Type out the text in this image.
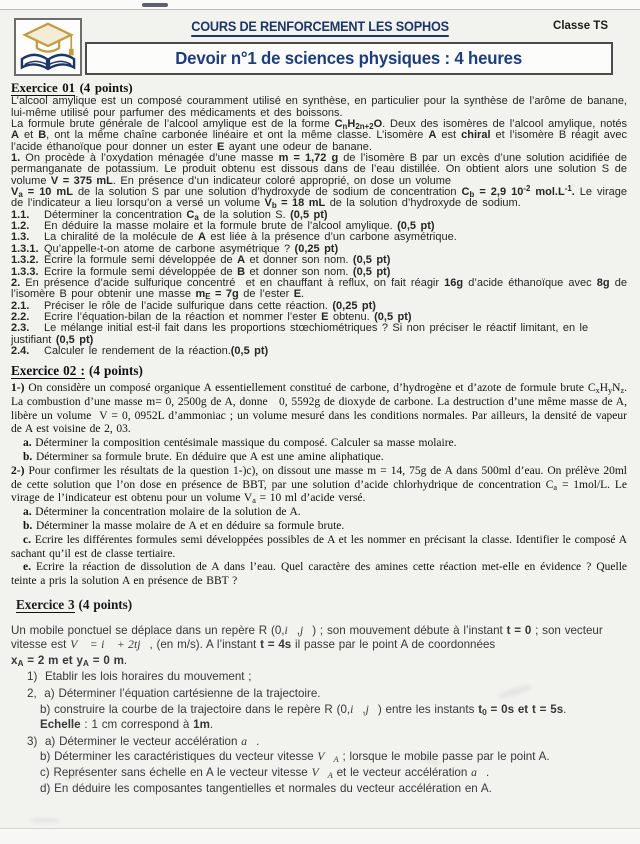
COURS DE RENFORCEMENT LES SOPHOS	Classe TS
Devoir n°1 de sciences physiques : 4 heures
Exercice 01 (4 points)

L’alcool amylique est un composé couramment utilisé en synthèse, en particulier pour la synthèse de l’arôme de banane, lui-même utilisé pour parfumer des médicaments et des boissons.

La formule brute générale de l’alcool amylique est de la forme $C_nH_{2n+2}O$. Deux des isomères de l’alcool amylique, notés A et B, ont la même chaîne carbonée linéaire et ont la même classe. L’isomère A est chiral et l’isomère B réagit avec l’acide éthanoïque pour donner un ester E ayant une odeur de banane.

1. On procède à l’oxydation ménagée d’une masse m = 1,72 g de l’isomère B par un excès d’une solution acidifiée de permanganate de potassium. Le produit obtenu est dissous dans de l’eau distillée. On obtient alors une solution S de volume V = 375 mL. En présence d’un indicateur coloré approprié, on dose un volume

$V_a = 10$ mL de la solution S par une solution d’hydroxyde de sodium de concentration $C_b = 2,9$ $10^{-2}$ $mol.L^{-1}$. Le virage de l’indicateur a lieu lorsqu’on a versé un volume $V_b = 18$ mL de la solution d’hydroxyde de sodium.

1.1. Déterminer la concentration $C_a$ de la solution S. (0,5 pt)

1.2. En déduire la masse molaire et la formule brute de l’alcool amylique. (0,5 pt)

1.3. La chiralité de la molécule de A est liée à la présence d’un carbone asymétrique.

1.3.1. Qu’appelle-t-on atome de carbone asymétrique ? (0,25 pt)

1.3.2. Ecrire la formule semi développée de A et donner son nom. (0,5 pt)

1.3.3. Ecrire la formule semi développée de B et donner son nom. (0,5 pt)

2. En présence d’acide sulfurique concentré  et en chauffant à reflux, on fait réagir 16g d’acide éthanoïque avec 8g de l’isomère B pour obtenir une masse $m_E = 7g$ de l’ester E.

2.1. Préciser le rôle de l’acide sulfurique dans cette réaction. (0,25 pt)

2.2. Ecrire l’équation-bilan de la réaction et nommer l’ester E obtenu. (0,5 pt)

2.3. Le mélange initial est-il fait dans les proportions stœchiométriques ? Si non préciser le réactif limitant, en le justifiant (0,5 pt)

2.4. Calculer le rendement de la réaction.(0,5 pt)

Exercice 02 : (4 points)

1-) On considère un composé organique A essentiellement constitué de carbone, d’hydrogène et d’azote de formule brute $C_xH_yN_z$. La combustion d’une masse m= 0, 2500g de A, donne   0, 5592g de dioxyde de carbone. La destruction d’une même masse de A, libère un volume  V = 0, 0952L d’ammoniac ; un volume mesuré dans les conditions normales. Par ailleurs, la densité de vapeur de A est voisine de 2, 03.

a. Déterminer la composition centésimale massique du composé. Calculer sa masse molaire.

b. Déterminer sa formule brute. En déduire que A est une amine aliphatique.

2-) Pour confirmer les résultats de la question 1-)c), on dissout une masse m = 14, 75g de A dans 500ml d’eau. On prélève 20ml de cette solution que l’on dose en présence de BBT, par une solution d’acide chlorhydrique de concentration $C_a = 1mol/L$. Le virage de l’indicateur est obtenu pour un volume $V_a = 10$ ml d’acide versé.

a. Déterminer la concentration molaire de la solution de A.

b. Déterminer la masse molaire de A et en déduire sa formule brute.

c. Ecrire les différentes formules semi développées possibles de A et les nommer en précisant la classe. Identifier le composé A sachant qu’il est de classe tertiaire.

e. Ecrire la réaction de dissolution de A dans l’eau. Quel caractère des amines cette réaction met-elle en évidence ? Quelle teinte a pris la solution A en présence de BBT ?

Exercice 3 (4 points)

Un mobile ponctuel se déplace dans un repère R (0,i⃗,j⃗) ; son mouvement débute à l’instant t = 0 ; son vecteur vitesse est V⃗ = i⃗ + 2tj⃗, (en m/s). A l’instant t = 4s il passe par le point A de coordonnées

$x_A = 2$ m et $y_A = 0$ m.

1)  Etablir les lois horaires du mouvement ;

2,  a) Déterminer l’équation cartésienne de la trajectoire.

b) construire la courbe de la trajectoire dans le repère R (0,i⃗,j⃗) entre les instants $t_0 = 0s$ et t = 5s.

Echelle : 1 cm correspond à 1m.

3)  a) Déterminer le vecteur accélération a⃗.

b) Déterminer les caractéristiques du vecteur vitesse $V⃗_A$ ; lorsque le mobile passe par le point A.

c) Représenter sans échelle en A le vecteur vitesse $V⃗_A$ et le vecteur accélération a⃗.

d) En déduire les composantes tangentielles et normales du vecteur accélération en A.
